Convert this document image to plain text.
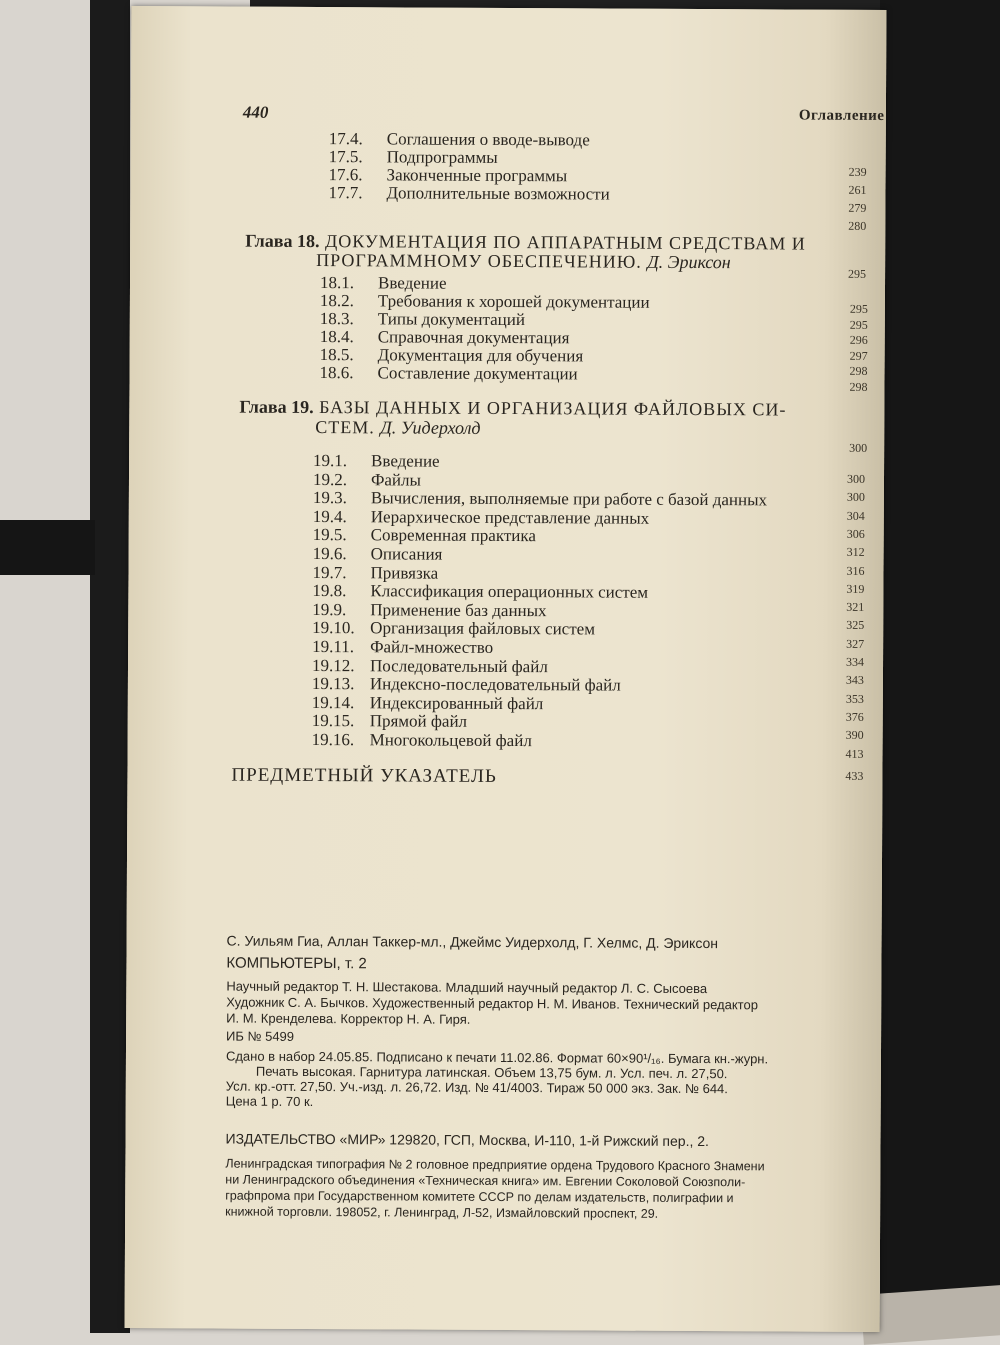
440	Оглавление
17.4. Соглашения о вводе-выводе
17.5. Подпрограммы
17.6. Законченные программы
17.7. Дополнительные возможности
239
261
279
280
Глава 18. ДОКУМЕНТАЦИЯ ПО АППАРАТНЫМ СРЕДСТВАМ И
ПРОГРАММНОМУ ОБЕСПЕЧЕНИЮ. Д. Эриксон
295
18.1. Введение
18.2. Требования к хорошей документации
18.3. Типы документаций
18.4. Справочная документация
18.5. Документация для обучения
18.6. Составление документации
295
295
296
297
298
298
Глава 19. БАЗЫ ДАННЫХ И ОРГАНИЗАЦИЯ ФАЙЛОВЫХ СИ-
СТЕМ. Д. Уидерхолд
300
19.1. Введение
19.2. Файлы
19.3. Вычисления, выполняемые при работе с базой данных
19.4. Иерархическое представление данных
19.5. Современная практика
19.6. Описания
19.7. Привязка
19.8. Классификация операционных систем
19.9. Применение баз данных
19.10. Организация файловых систем
19.11. Файл-множество
19.12. Последовательный файл
19.13. Индексно-последовательный файл
19.14. Индексированный файл
19.15. Прямой файл
19.16. Многокольцевой файл
300
300
304
306
312
316
319
321
325
327
334
343
353
376
390
413
ПРЕДМЕТНЫЙ УКАЗАТЕЛЬ	433
С. Уильям Гиа, Аллан Таккер-мл., Джеймс Уидерхолд, Г. Хелмс, Д. Эриксон
КОМПЬЮТЕРЫ, т. 2
Научный редактор Т. Н. Шестакова. Младший научный редактор Л. С. Сысоева
Художник С. А. Бычков. Художественный редактор Н. М. Иванов. Технический редактор
И. М. Кренделева. Корректор Н. А. Гиря.
ИБ № 5499
Сдано в набор 24.05.85. Подписано к печати 11.02.86. Формат 60×90¹/₁₆. Бумага кн.-журн.
Печать высокая. Гарнитура латинская. Объем 13,75 бум. л. Усл. печ. л. 27,50.
Усл. кр.-отт. 27,50. Уч.-изд. л. 26,72. Изд. № 41/4003. Тираж 50 000 экз. Зак. № 644.
Цена 1 р. 70 к.
ИЗДАТЕЛЬСТВО «МИР» 129820, ГСП, Москва, И-110, 1-й Рижский пер., 2.
Ленинградская типография № 2 головное предприятие ордена Трудового Красного Знамени
ни Ленинградского объединения «Техническая книга» им. Евгении Соколовой Союзполи-
графпрома при Государственном комитете СССР по делам издательств, полиграфии и
книжной торговли. 198052, г. Ленинград, Л-52, Измайловский проспект, 29.
